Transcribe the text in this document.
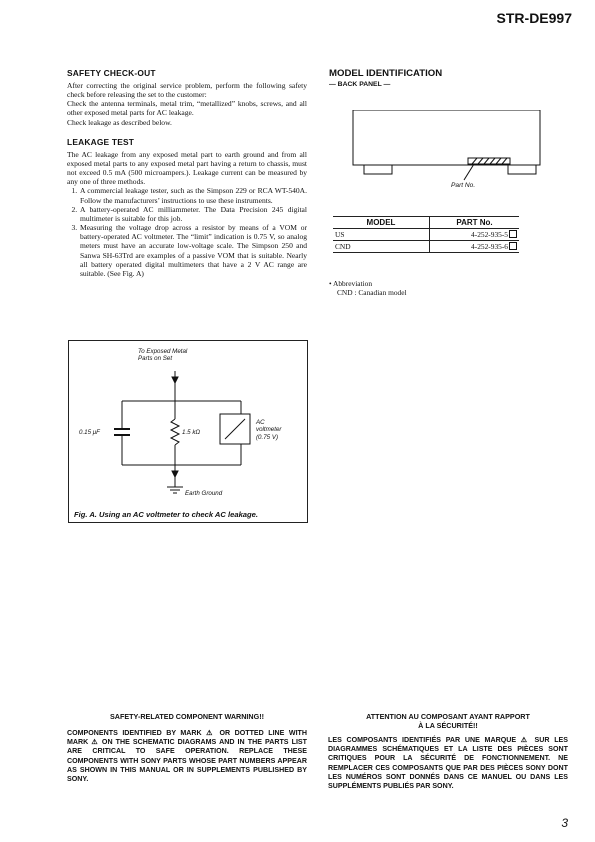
STR-DE997
SAFETY CHECK-OUT

After correcting the original service problem, perform the following safety check before releasing the set to the customer:

Check the antenna terminals, metal trim, “metallized” knobs, screws, and all other exposed metal parts for AC leakage.

Check leakage as described below.

LEAKAGE TEST

The AC leakage from any exposed metal part to earth ground and from all exposed metal parts to any exposed metal part having a return to chassis, must not exceed 0.5 mA (500 microampers.). Leakage current can be measured by any one of three methods.

1. A commercial leakage tester, such as the Simpson 229 or RCA WT-540A. Follow the manufacturers’ instructions to use these instruments.
2. A battery-operated AC milliammeter. The Data Precision 245 digital multimeter is suitable for this job.
3. Measuring the voltage drop across a resistor by means of a VOM or battery-operated AC voltmeter. The “limit” indication is 0.75 V, so analog meters must have an accurate low-voltage scale. The Simpson 250 and Sanwa SH-63Trd are examples of a passive VOM that is suitable. Nearly all battery operated digital multimeters that have a 2 V AC range are suitable. (See Fig. A)
To Exposed Metal
Parts on Set
0.15 μF	1.5 kΩ
AC
voltmeter
(0.75 V)
Earth Ground
Fig. A. Using an AC voltmeter to check AC leakage.

MODEL IDENTIFICATION

— BACK PANEL —

Part No.
MODEL	PART No.
US	4-252-935-5
CND	4-252-935-6
• Abbreviation
CND : Canadian model
SAFETY-RELATED COMPONENT WARNING!!
COMPONENTS IDENTIFIED BY MARK ⚠ OR DOTTED LINE WITH MARK ⚠ ON THE SCHEMATIC DIAGRAMS AND IN THE PARTS LIST ARE CRITICAL TO SAFE OPERATION. REPLACE THESE COMPONENTS WITH SONY PARTS WHOSE PART NUMBERS APPEAR AS SHOWN IN THIS MANUAL OR IN SUPPLEMENTS PUBLISHED BY SONY.
ATTENTION AU COMPOSANT AYANT RAPPORT
À LA SÉCURITÉ!!
LES COMPOSANTS IDENTIFIÉS PAR UNE MARQUE ⚠ SUR LES DIAGRAMMES SCHÉMATIQUES ET LA LISTE DES PIÈCES SONT CRITIQUES POUR LA SÉCURITÉ DE FONCTIONNEMENT. NE REMPLACER CES COMPOSANTS QUE PAR DES PIÈCES SONY DONT LES NUMÉROS SONT DONNÉS DANS CE MANUEL OU DANS LES SUPPLÉMENTS PUBLIÉS PAR SONY.
3
